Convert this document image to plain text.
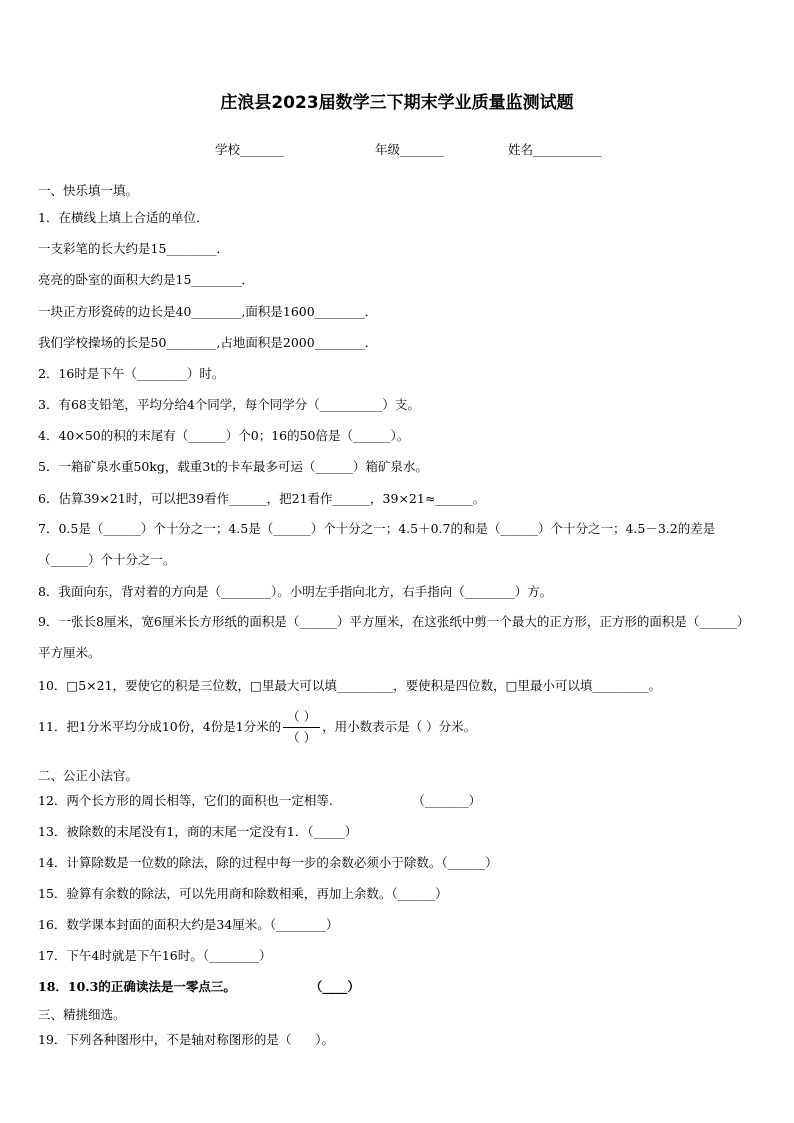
庄浪县2023届数学三下期末学业质量监测试题
学校_______	年级_______	姓名___________
一、快乐填一填。
1．在横线上填上合适的单位．
一支彩笔的长大约是15________．
亮亮的卧室的面积大约是15________．
一块正方形瓷砖的边长是40________,面积是1600________．
我们学校操场的长是50________,占地面积是2000________．
2．16时是下午（________）时。
3．有68支铅笔，平均分给4个同学，每个同学分（__________）支。
4．40×50的积的末尾有（______）个0；16的50倍是（______）。
5．一箱矿泉水重50kg，载重3t的卡车最多可运（______）箱矿泉水。
6．估算39×21时，可以把39看作______，把21看作______，39×21≈______。
7．0.5是（______）个十分之一；4.5是（______）个十分之一；4.5＋0.7的和是（______）个十分之一；4.5－3.2的差是（______）个十分之一。
8．我面向东，背对着的方向是（________）。小明左手指向北方，右手指向（________）方。
9．一张长8厘米，宽6厘米长方形纸的面积是（______）平方厘米，在这张纸中剪一个最大的正方形，正方形的面积是（______）平方厘米。
10．□5×21，要使它的积是三位数，□里最大可以填_________，要使积是四位数，□里最小可以填_________。
11．把1分米平均分成10份，4份是1分米的 $\frac{( )}{( )}$ ，用小数表示是（ ）分米。
二、公正小法官。
12．两个长方形的周长相等，它们的面积也一定相等.                    （_______）
13．被除数的末尾没有1，商的末尾一定没有1．（_____）
14．计算除数是一位数的除法，除的过程中每一步的余数必须小于除数。（______）
15．验算有余数的除法，可以先用商和除数相乘，再加上余数。（______）
16．数学课本封面的面积大约是34厘米。（________）
17．下午4时就是下午16时。（________）
18．10.3的正确读法是一零点三。                 （____）
三、精挑细选。
19．下列各种图形中，不是轴对称图形的是（      ）。
